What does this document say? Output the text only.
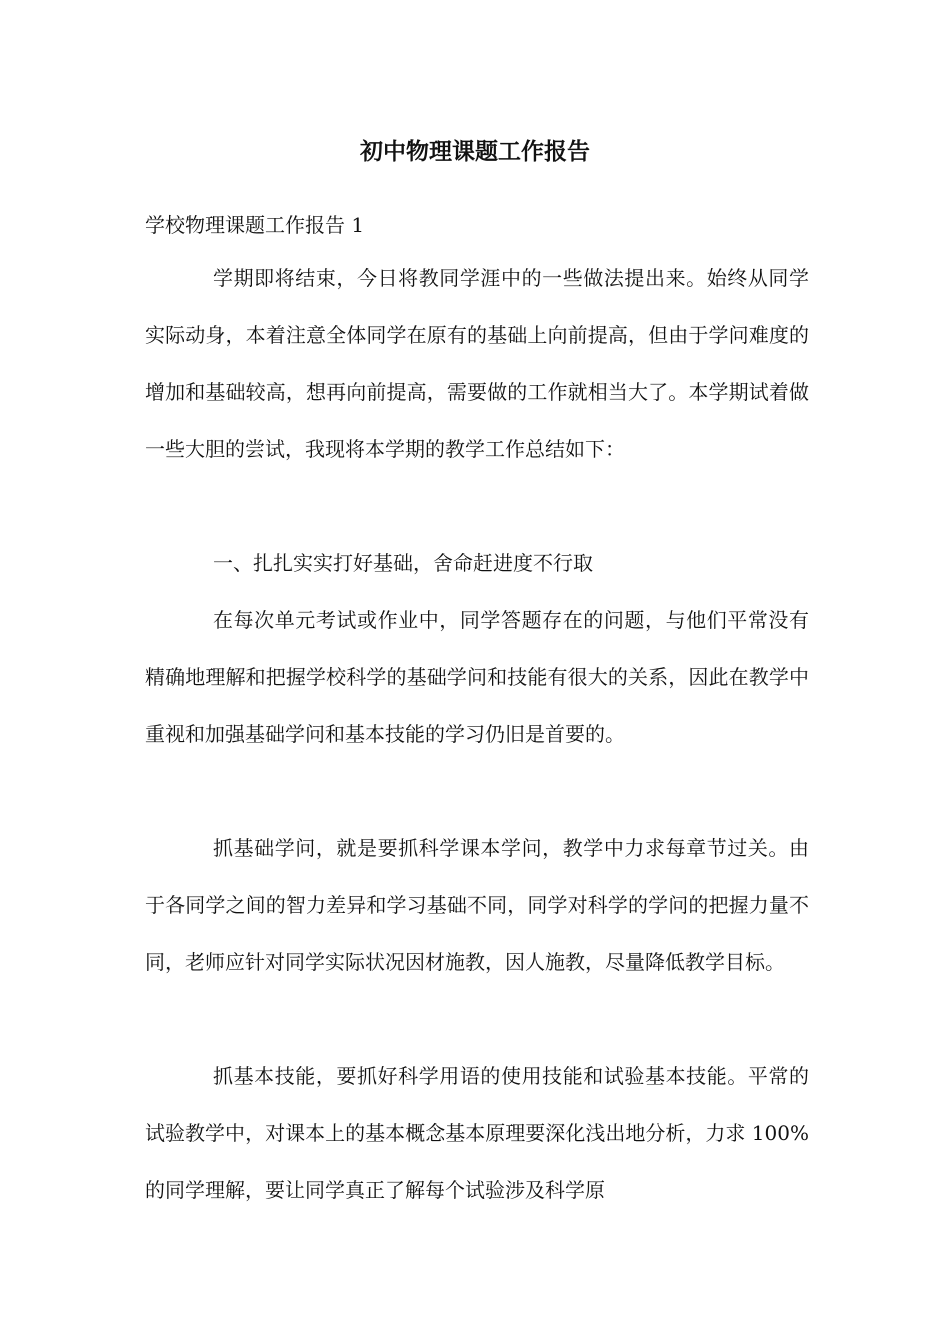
初中物理课题工作报告
学校物理课题工作报告 1
学期即将结束，今日将教同学涯中的一些做法提出来。始终从同学实际动身，本着注意全体同学在原有的基础上向前提高，但由于学问难度的增加和基础较高，想再向前提高，需要做的工作就相当大了。本学期试着做一些大胆的尝试，我现将本学期的教学工作总结如下：
一、扎扎实实打好基础，舍命赶进度不行取
在每次单元考试或作业中，同学答题存在的问题，与他们平常没有精确地理解和把握学校科学的基础学问和技能有很大的关系，因此在教学中重视和加强基础学问和基本技能的学习仍旧是首要的。
抓基础学问，就是要抓科学课本学问，教学中力求每章节过关。由于各同学之间的智力差异和学习基础不同，同学对科学的学问的把握力量不同，老师应针对同学实际状况因材施教，因人施教，尽量降低教学目标。
抓基本技能，要抓好科学用语的使用技能和试验基本技能。平常的试验教学中，对课本上的基本概念基本原理要深化浅出地分析，力求 100%的同学理解，要让同学真正了解每个试验涉及科学原
